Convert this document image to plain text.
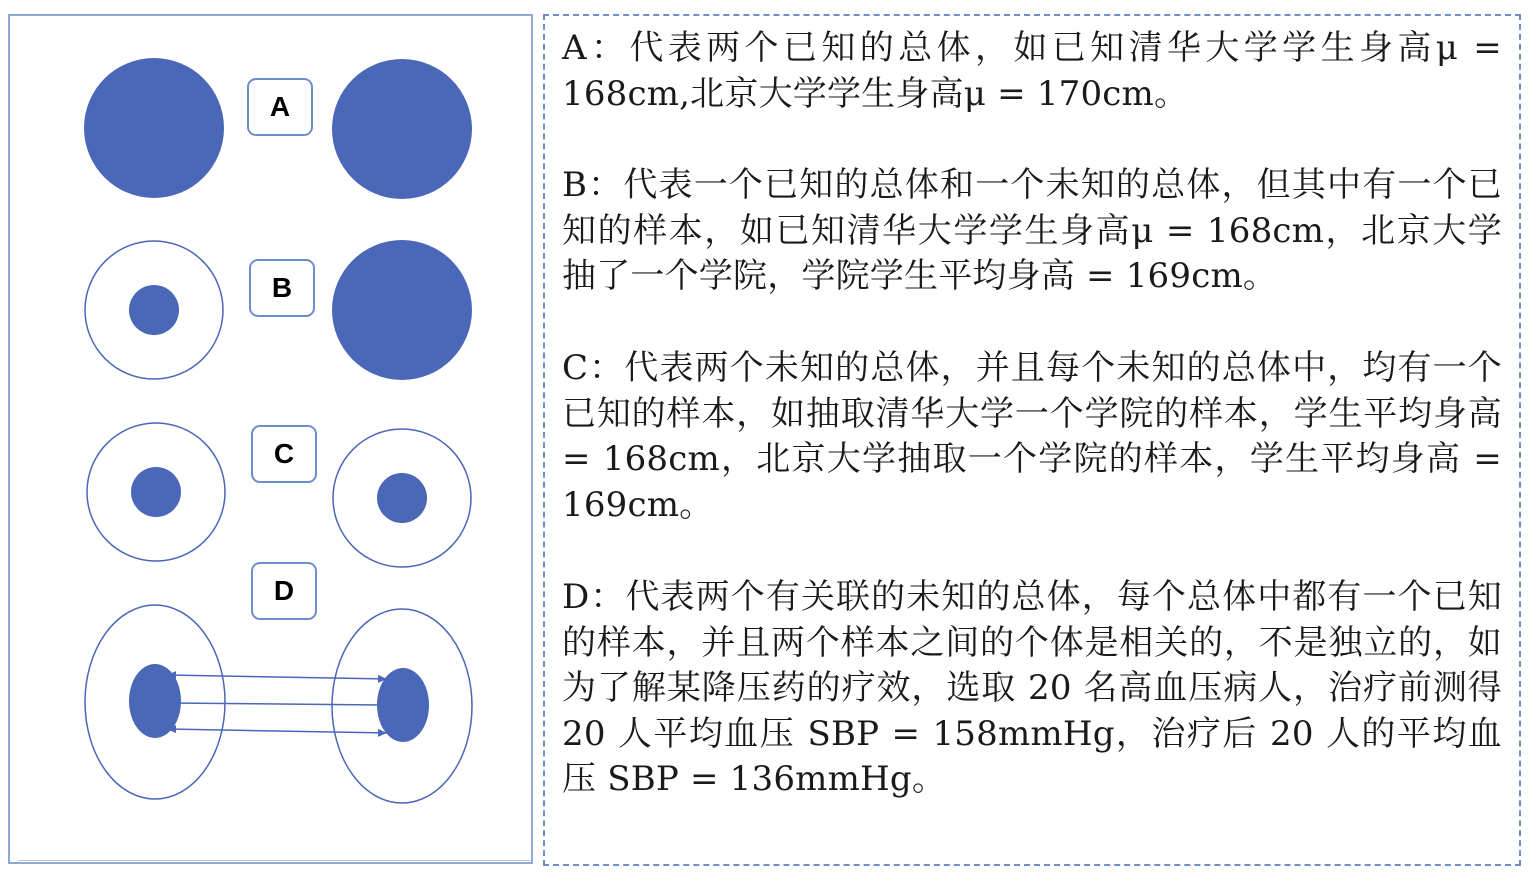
A
B
C
D

A：代表两个已知的总体，如已知清华大学学生身高μ = 168cm,北京大学学生身高μ = 170cm。

B：代表一个已知的总体和一个未知的总体，但其中有一个已知的样本，如已知清华大学学生身高μ = 168cm，北京大学抽了一个学院，学院学生平均身高 = 169cm。

C：代表两个未知的总体，并且每个未知的总体中，均有一个已知的样本，如抽取清华大学一个学院的样本，学生平均身高 = 168cm，北京大学抽取一个学院的样本，学生平均身高 = 169cm。

D：代表两个有关联的未知的总体，每个总体中都有一个已知的样本，并且两个样本之间的个体是相关的，不是独立的，如为了解某降压药的疗效，选取 20 名高血压病人，治疗前测得 20 人平均血压 SBP = 158mmHg，治疗后 20 人的平均血压 SBP = 136mmHg。
